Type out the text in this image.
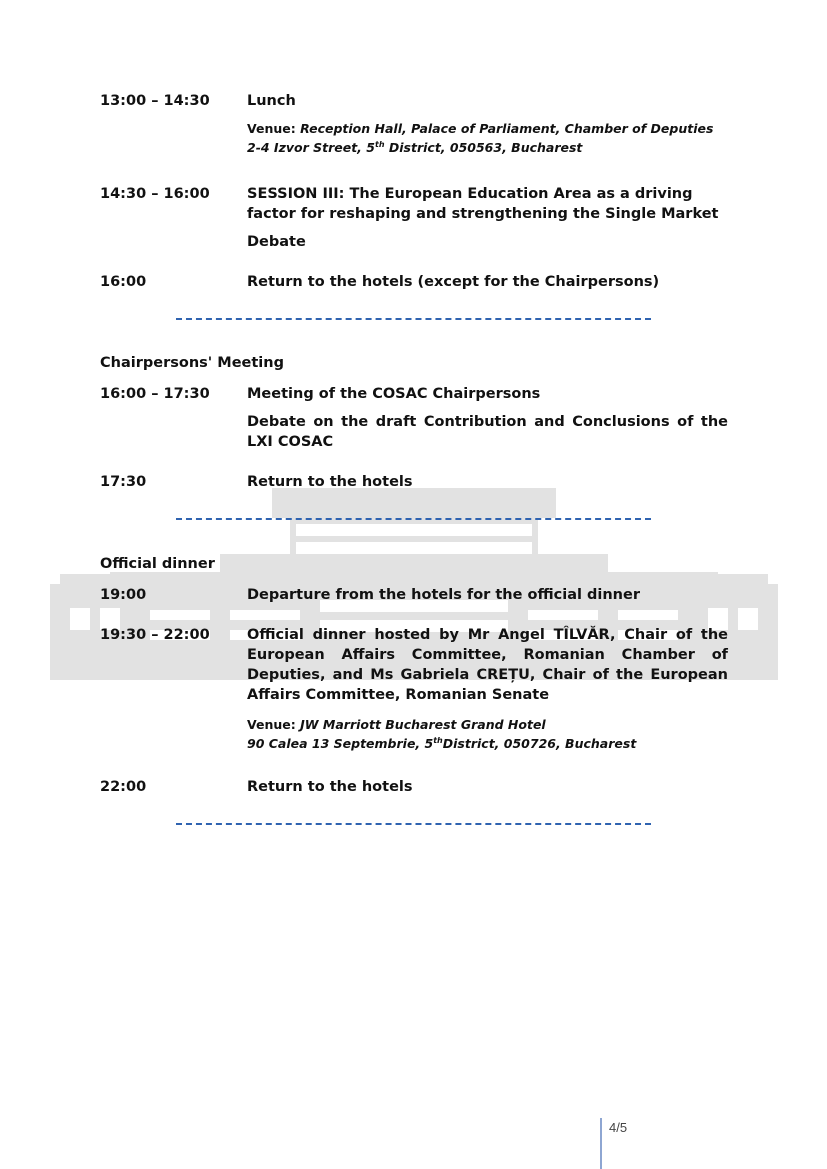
13:00 – 14:30	Lunch
Venue: Reception Hall, Palace of Parliament, Chamber of Deputies
2-4 Izvor Street, 5th District, 050563, Bucharest
14:30 – 16:00	SESSION III: The European Education Area as a driving factor for reshaping and strengthening the Single Market
Debate
16:00	Return to the hotels (except for the Chairpersons)
Chairpersons' Meeting
16:00 – 17:30	Meeting of the COSAC Chairpersons
Debate on the draft Contribution and Conclusions of the LXI COSAC
17:30	Return to the hotels
Official dinner
19:00	Departure from the hotels for the official dinner
19:30 – 22:00	Official dinner hosted by Mr Angel TÎLVĂR, Chair of the European Affairs Committee, Romanian Chamber of Deputies, and Ms Gabriela CREȚU, Chair of the European Affairs Committee, Romanian Senate
Venue: JW Marriott Bucharest Grand Hotel
90 Calea 13 Septembrie, 5thDistrict, 050726, Bucharest
22:00	Return to the hotels
4/5
